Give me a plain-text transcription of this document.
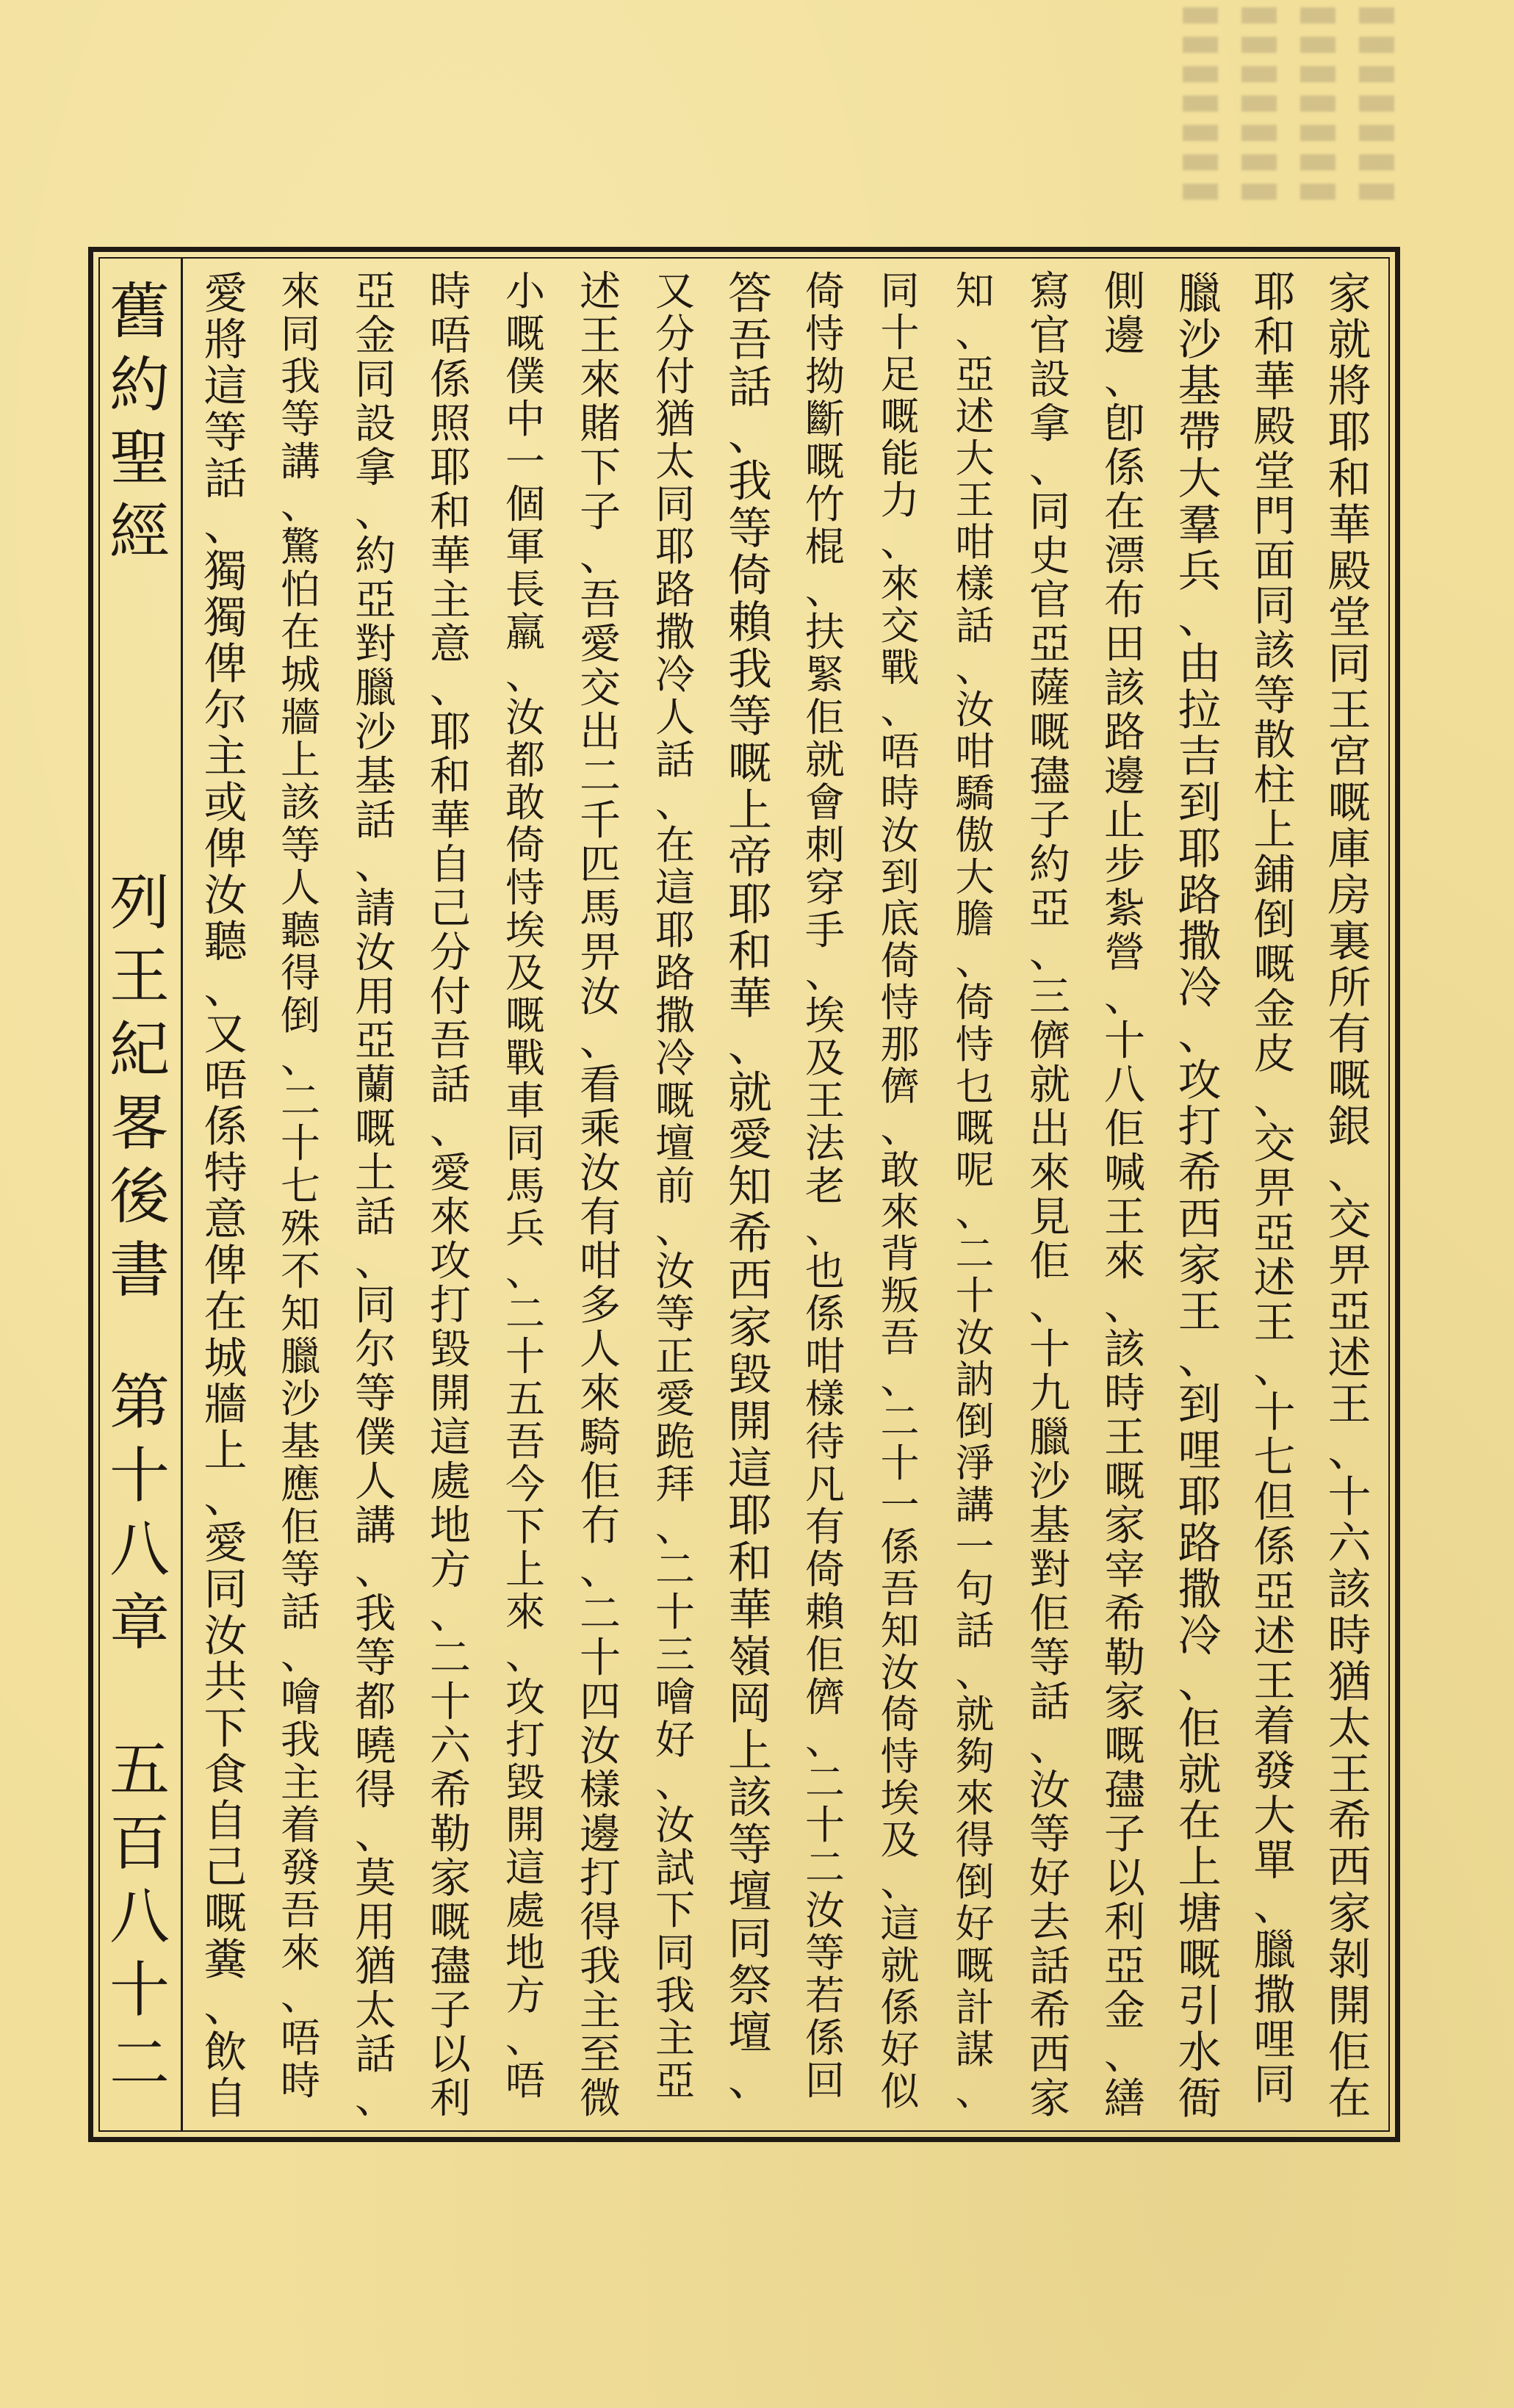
舊
約
聖
經
列
王
紀
畧
後
書
第
十
八
章
五
百
八
十
二
家
就
將
耶
和
華
殿
堂
同
王
宮
嘅
庫
房
裏
所
有
嘅
銀
、
交
畀
亞
述
王
、
十
六
該
時
猶
太
王
希
西
家
剝
開
佢
在
耶
和
華
殿
堂
門
面
同
該
等
散
柱
上
鋪
倒
嘅
金
皮
、
交
畀
亞
述
王
、
十
七
但
係
亞
述
王
着
發
大
單
、
臘
撒
哩
同
臘
沙
基
帶
大
羣
兵
、
由
拉
吉
到
耶
路
撒
冷
、
攻
打
希
西
家
王
、
到
哩
耶
路
撒
冷
、
佢
就
在
上
塘
嘅
引
水
衙
側
邊
、
卽
係
在
漂
布
田
該
路
邊
止
步
紮
營
、
十
八
佢
喊
王
來
、
該
時
王
嘅
家
宰
希
勒
家
嘅
孻
子
以
利
亞
金
、
繕
寫
官
設
拿
、
同
史
官
亞
薩
嘅
孻
子
約
亞
、
三
儕
就
出
來
見
佢
、
十
九
臘
沙
基
對
佢
等
話
、
汝
等
好
去
話
希
西
家
知
、
亞
述
大
王
咁
樣
話
、
汝
咁
驕
傲
大
膽
、
倚
恃
乜
嘅
呢
、
二
十
汝
訥
倒
淨
講
一
句
話
、
就
夠
來
得
倒
好
嘅
計
謀
、
同
十
足
嘅
能
力
、
來
交
戰
、
唔
時
汝
到
底
倚
恃
那
儕
、
敢
來
背
叛
吾
、
二
十
一
係
吾
知
汝
倚
恃
埃
及
、
這
就
係
好
似
倚
恃
拗
斷
嘅
竹
棍
、
扶
緊
佢
就
會
刺
穿
手
、
埃
及
王
法
老
、
也
係
咁
樣
待
凡
有
倚
賴
佢
儕
、
二
十
二
汝
等
若
係
回
答
吾
話
、
我
等
倚
賴
我
等
嘅
上
帝
耶
和
華
、
就
愛
知
希
西
家
毀
開
這
耶
和
華
嶺
岡
上
該
等
壇
同
祭
壇
、
又
分
付
猶
太
同
耶
路
撒
冷
人
話
、
在
這
耶
路
撒
冷
嘅
壇
前
、
汝
等
正
愛
跪
拜
、
二
十
三
噲
好
、
汝
試
下
同
我
主
亞
述
王
來
賭
下
子
、
吾
愛
交
出
二
千
匹
馬
畀
汝
、
看
乘
汝
有
咁
多
人
來
騎
佢
冇
、
二
十
四
汝
樣
邊
打
得
我
主
至
微
小
嘅
僕
中
一
個
軍
長
羸
、
汝
都
敢
倚
恃
埃
及
嘅
戰
車
同
馬
兵
、
二
十
五
吾
今
下
上
來
、
攻
打
毀
開
這
處
地
方
、
唔
時
唔
係
照
耶
和
華
主
意
、
耶
和
華
自
己
分
付
吾
話
、
愛
來
攻
打
毀
開
這
處
地
方
、
二
十
六
希
勒
家
嘅
孻
子
以
利
亞
金
同
設
拿
、
約
亞
對
臘
沙
基
話
、
請
汝
用
亞
蘭
嘅
土
話
、
同
尔
等
僕
人
講
、
我
等
都
曉
得
、
莫
用
猶
太
話
、
來
同
我
等
講
、
驚
怕
在
城
牆
上
該
等
人
聽
得
倒
、
二
十
七
殊
不
知
臘
沙
基
應
佢
等
話
、
噲
我
主
着
發
吾
來
、
唔
時
愛
將
這
等
話
、
獨
獨
俾
尔
主
或
俾
汝
聽
、
又
唔
係
特
意
俾
在
城
牆
上
、
愛
同
汝
共
下
食
自
己
嘅
糞
、
飲
自
